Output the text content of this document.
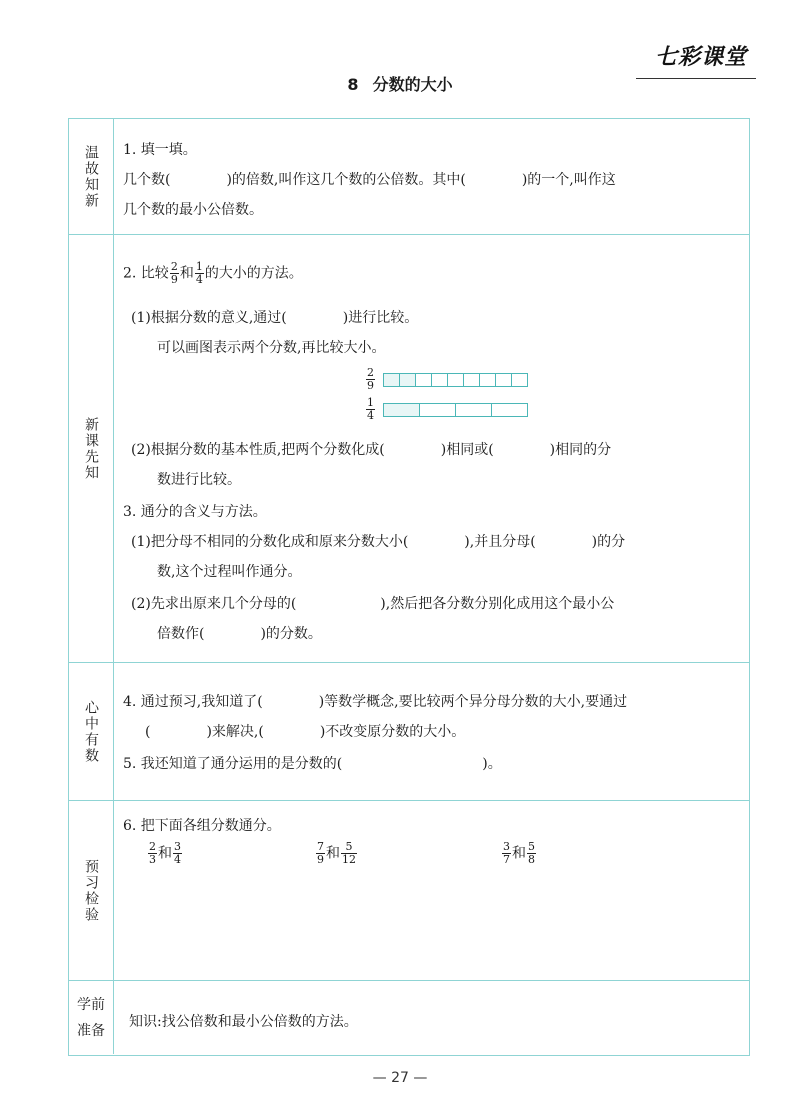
七彩课堂
8 分数的大小
温故知新 1. 填一填。
几个数(　　　　)的倍数,叫作这几个数的公倍数。其中(　　　　)的一个,叫作这
几个数的最小公倍数。
新课先知
2. 比较 $\frac{2}{9}$ 和 $\frac{1}{4}$ 的大小的方法。
(1)根据分数的意义,通过(　　　　)进行比较。
可以画图表示两个分数,再比较大小。
$\frac{2}{9}$
$\frac{1}{4}$
(2)根据分数的基本性质,把两个分数化成(　　　　)相同或(　　　　)相同的分
数进行比较。
3. 通分的含义与方法。
(1)把分母不相同的分数化成和原来分数大小(　　　　),并且分母(　　　　)的分
数,这个过程叫作通分。
(2)先求出原来几个分母的(　　　　　　),然后把各分数分别化成用这个最小公
倍数作(　　　　)的分数。
心中有数 4. 通过预习,我知道了(　　　　)等数学概念,要比较两个异分母分数的大小,要通过
(　　　　)来解决,(　　　　)不改变原分数的大小。
5. 我还知道了通分运用的是分数的(　　　　　　　　　　)。
预习检验
6. 把下面各组分数通分。
$\frac{2}{3}$ 和 $\frac{3}{4}$	$\frac{7}{9}$ 和 $\frac{5}{12}$	$\frac{3}{7}$ 和 $\frac{5}{8}$
学前
准备
知识:找公倍数和最小公倍数的方法。
— 27 —
